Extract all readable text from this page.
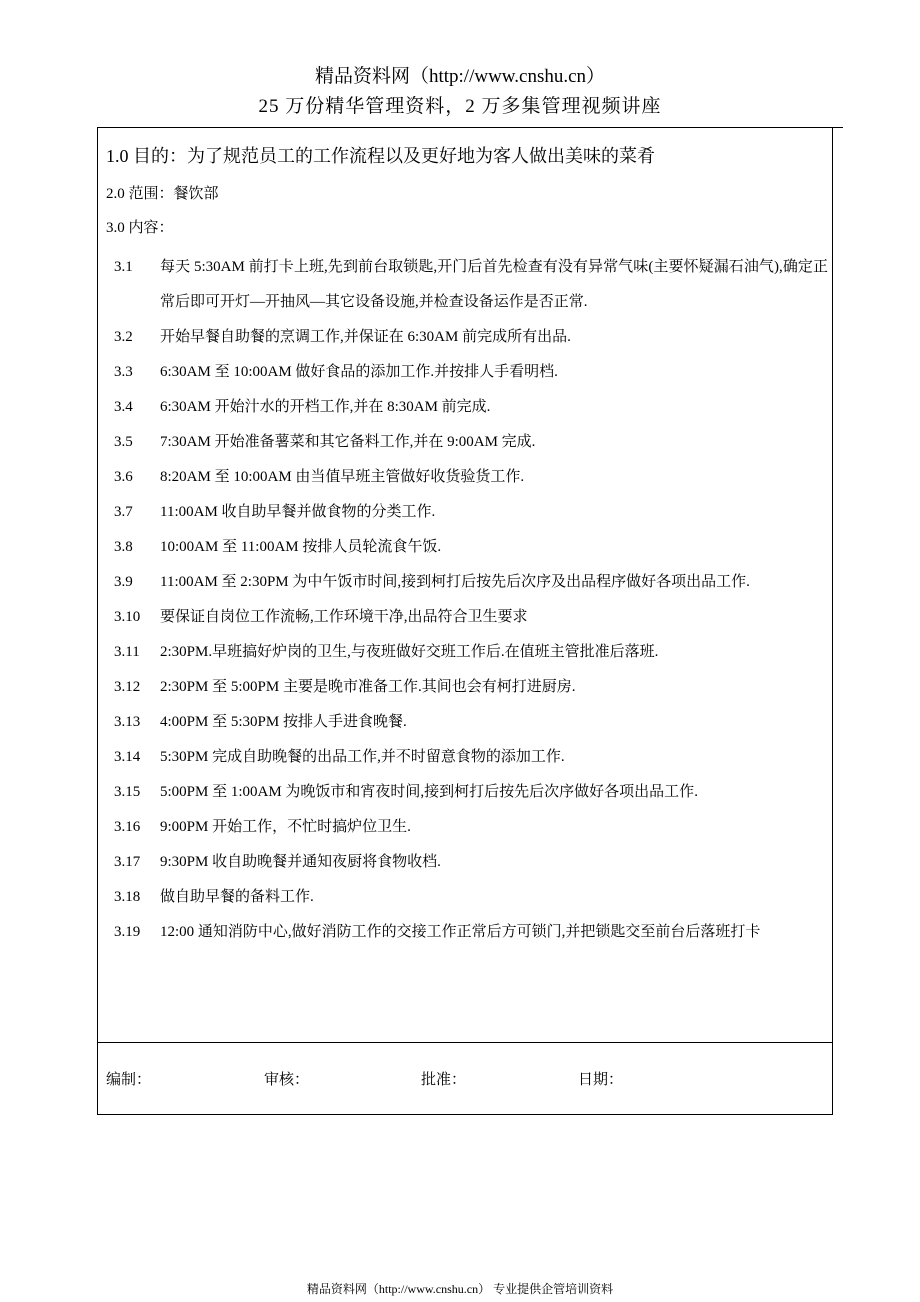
精品资料网（http://www.cnshu.cn）
25 万份精华管理资料，2 万多集管理视频讲座
1.0 目的：为了规范员工的工作流程以及更好地为客人做出美味的菜肴
2.0 范围：餐饮部
3.0 内容：
3.1 每天 5:30AM 前打卡上班,先到前台取锁匙,开门后首先检查有没有异常气味(主要怀疑漏石油气),确定正常后即可开灯—开抽风—其它设备设施,并检查设备运作是否正常.
3.2 开始早餐自助餐的烹调工作,并保证在 6:30AM 前完成所有出品.
3.3 6:30AM 至 10:00AM 做好食品的添加工作.并按排人手看明档.
3.4 6:30AM 开始汁水的开档工作,并在 8:30AM 前完成.
3.5 7:30AM 开始准备薯菜和其它备料工作,并在 9:00AM 完成.
3.6 8:20AM 至 10:00AM 由当值早班主管做好收货验货工作.
3.7 11:00AM 收自助早餐并做食物的分类工作.
3.8 10:00AM 至 11:00AM 按排人员轮流食午饭.
3.9 11:00AM 至 2:30PM 为中午饭市时间,接到柯打后按先后次序及出品程序做好各项出品工作.
3.10 要保证自岗位工作流畅,工作环境干净,出品符合卫生要求
3.11 2:30PM.早班搞好炉岗的卫生,与夜班做好交班工作后.在值班主管批准后落班.
3.12 2:30PM 至 5:00PM 主要是晚市准备工作.其间也会有柯打进厨房.
3.13 4:00PM 至 5:30PM 按排人手进食晚餐.
3.14 5:30PM 完成自助晚餐的出品工作,并不时留意食物的添加工作.
3.15 5:00PM 至 1:00AM 为晚饭市和宵夜时间,接到柯打后按先后次序做好各项出品工作.
3.16 9:00PM 开始工作，不忙时搞炉位卫生.
3.17 9:30PM 收自助晚餐并通知夜厨将食物收档.
3.18 做自助早餐的备料工作.
3.19 12:00 通知消防中心,做好消防工作的交接工作正常后方可锁门,并把锁匙交至前台后落班打卡
编制：	审核：	批准：	日期：
精品资料网（http://www.cnshu.cn） 专业提供企管培训资料
